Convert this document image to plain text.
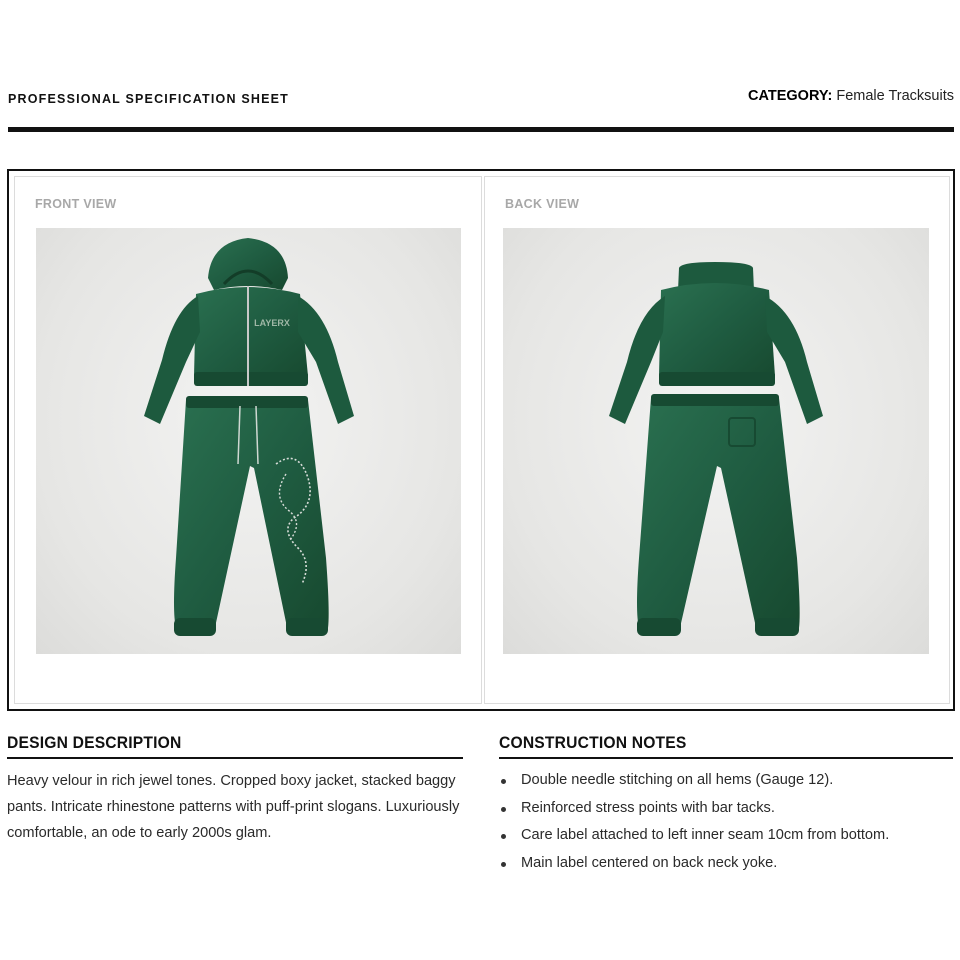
PROFESSIONAL SPECIFICATION SHEET	CATEGORY: Female Tracksuits
FRONT VIEW
LAYERX
BACK VIEW
DESIGN DESCRIPTION
Heavy velour in rich jewel tones. Cropped boxy jacket, stacked baggy pants. Intricate rhinestone patterns with puff-print slogans. Luxuriously comfortable, an ode to early 2000s glam.
CONSTRUCTION NOTES
Double needle stitching on all hems (Gauge 12).
Reinforced stress points with bar tacks.
Care label attached to left inner seam 10cm from bottom.
Main label centered on back neck yoke.
